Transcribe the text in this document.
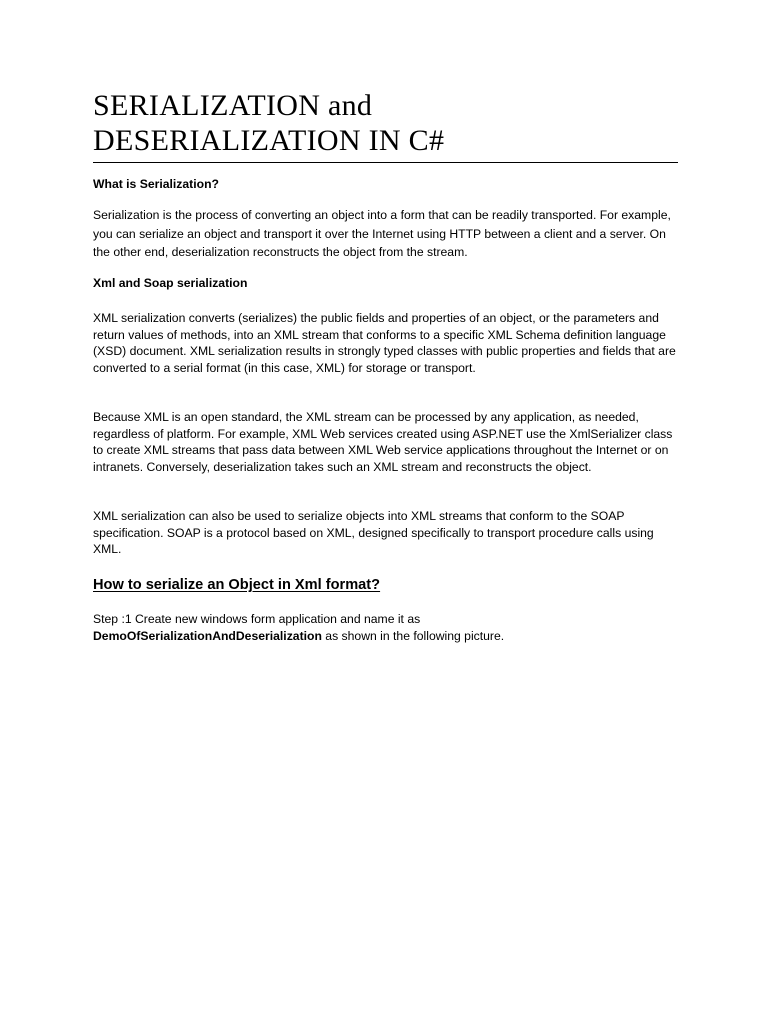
SERIALIZATION and
DESERIALIZATION IN C#

What is Serialization?

Serialization is the process of converting an object into a form that can be readily transported. For example, you can serialize an object and transport it over the Internet using HTTP between a client and a server. On the other end, deserialization reconstructs the object from the stream.

Xml and Soap serialization

XML serialization converts (serializes) the public fields and properties of an object, or the parameters and return values of methods, into an XML stream that conforms to a specific XML Schema definition language (XSD) document. XML serialization results in strongly typed classes with public properties and fields that are converted to a serial format (in this case, XML) for storage or transport.

Because XML is an open standard, the XML stream can be processed by any application, as needed, regardless of platform. For example, XML Web services created using ASP.NET use the XmlSerializer class to create XML streams that pass data between XML Web service applications throughout the Internet or on intranets. Conversely, deserialization takes such an XML stream and reconstructs the object.

XML serialization can also be used to serialize objects into XML streams that conform to the SOAP specification. SOAP is a protocol based on XML, designed specifically to transport procedure calls using XML.

How to serialize an Object in Xml format?

Step :1 Create new windows form application and name it as
DemoOfSerializationAndDeserialization as shown in the following picture.
